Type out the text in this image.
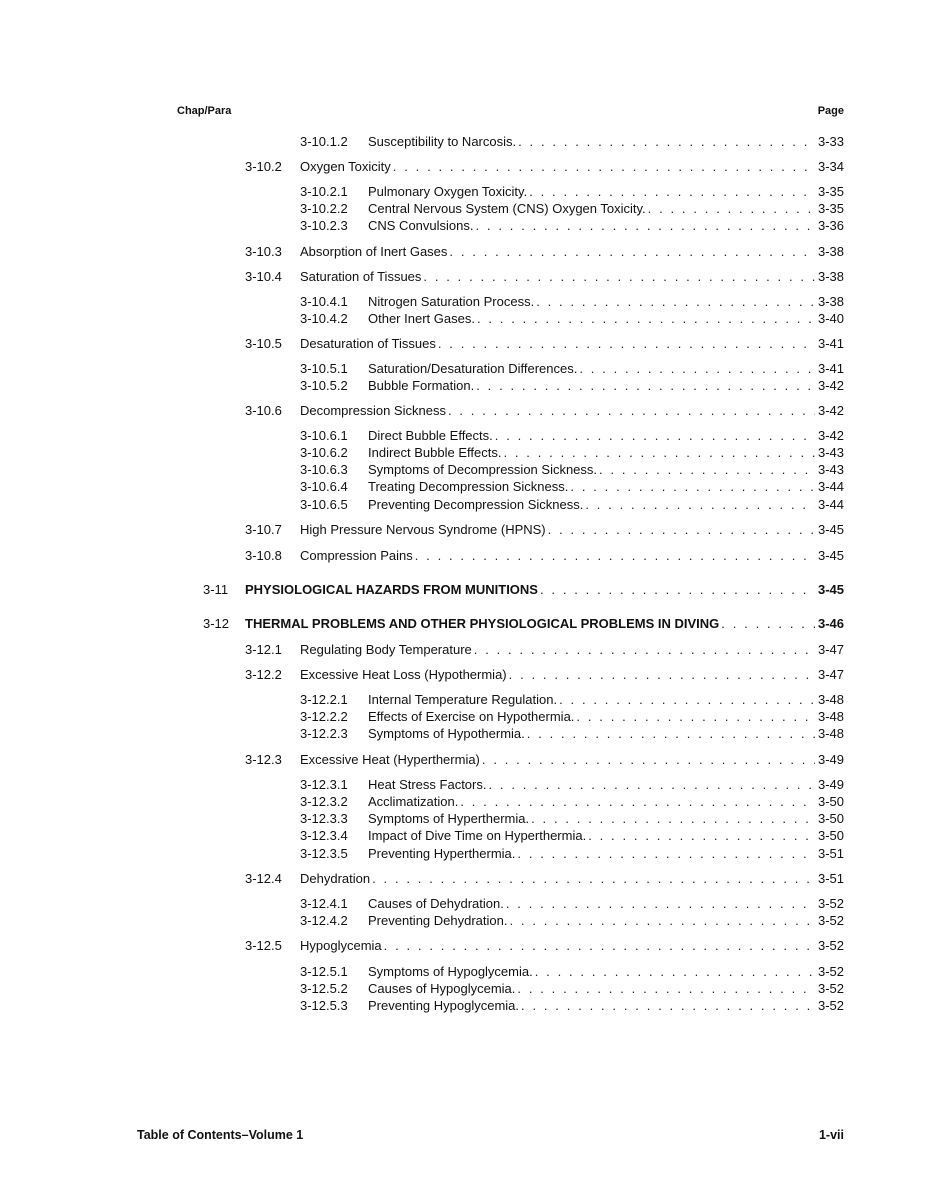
Chap/Para	Page
3-10.1.2	Susceptibility to Narcosis. . . .	3-33
3-10.2	Oxygen Toxicity . . .	3-34
3-10.2.1	Pulmonary Oxygen Toxicity. . . .	3-35
3-10.2.2	Central Nervous System (CNS) Oxygen Toxicity. . . .	3-35
3-10.2.3	CNS Convulsions. . . .	3-36
3-10.3	Absorption of Inert Gases . . .	3-38
3-10.4	Saturation of Tissues . . .	3-38
3-10.4.1	Nitrogen Saturation Process. . . .	3-38
3-10.4.2	Other Inert Gases. . . .	3-40
3-10.5	Desaturation of Tissues . . .	3-41
3-10.5.1	Saturation/Desaturation Differences. . . .	3-41
3-10.5.2	Bubble Formation. . . .	3-42
3-10.6	Decompression Sickness . . .	3-42
3-10.6.1	Direct Bubble Effects. . . .	3-42
3-10.6.2	Indirect Bubble Effects. . . .	3-43
3-10.6.3	Symptoms of Decompression Sickness. . . .	3-43
3-10.6.4	Treating Decompression Sickness. . . .	3-44
3-10.6.5	Preventing Decompression Sickness. . . .	3-44
3-10.7	High Pressure Nervous Syndrome (HPNS) . . .	3-45
3-10.8	Compression Pains . . .	3-45
3-11	PHYSIOLOGICAL HAZARDS FROM MUNITIONS . . .	3-45
3-12	THERMAL PROBLEMS AND OTHER PHYSIOLOGICAL PROBLEMS IN DIVING . . .	3-46
3-12.1	Regulating Body Temperature . . .	3-47
3-12.2	Excessive Heat Loss (Hypothermia) . . .	3-47
3-12.2.1	Internal Temperature Regulation. . . .	3-48
3-12.2.2	Effects of Exercise on Hypothermia. . . .	3-48
3-12.2.3	Symptoms of Hypothermia. . . .	3-48
3-12.3	Excessive Heat (Hyperthermia) . . .	3-49
3-12.3.1	Heat Stress Factors. . . .	3-49
3-12.3.2	Acclimatization. . . .	3-50
3-12.3.3	Symptoms of Hyperthermia. . . .	3-50
3-12.3.4	Impact of Dive Time on Hyperthermia. . . .	3-50
3-12.3.5	Preventing Hyperthermia. . . .	3-51
3-12.4	Dehydration . . .	3-51
3-12.4.1	Causes of Dehydration. . . .	3-52
3-12.4.2	Preventing Dehydration. . . .	3-52
3-12.5	Hypoglycemia . . .	3-52
3-12.5.1	Symptoms of Hypoglycemia. . . .	3-52
3-12.5.2	Causes of Hypoglycemia. . . .	3-52
3-12.5.3	Preventing Hypoglycemia. . . .	3-52
Table of Contents–Volume 1	1-vii
